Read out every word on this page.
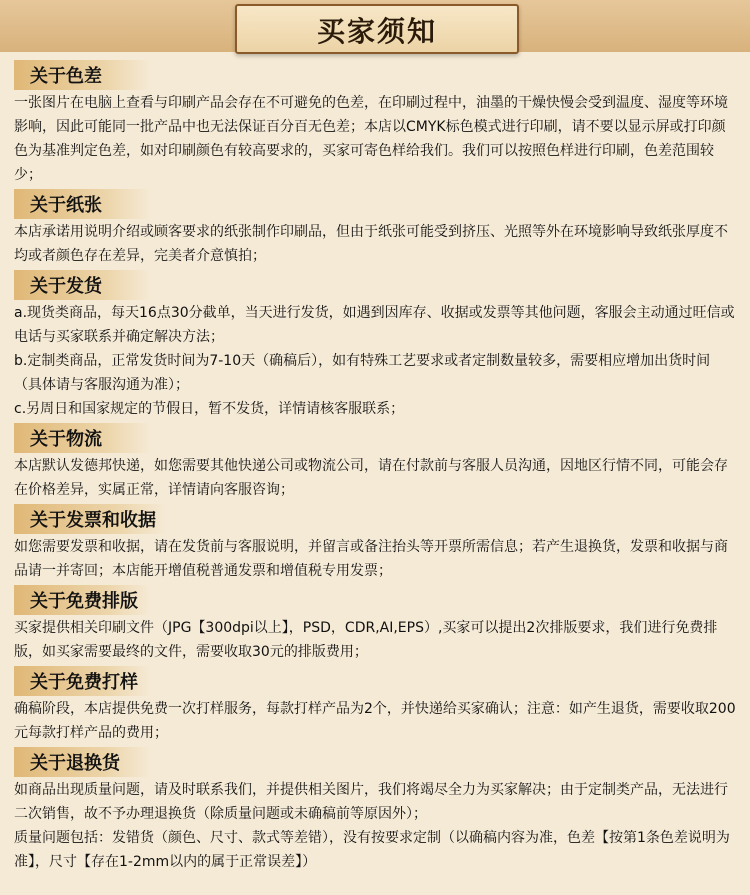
买家须知
关于色差

一张图片在电脑上查看与印刷产品会存在不可避免的色差，在印刷过程中，油墨的干燥快慢会受到温度、湿度等环境影响，因此可能同一批产品中也无法保证百分百无色差；本店以CMYK标色模式进行印刷，请不要以显示屏或打印颜色为基准判定色差，如对印刷颜色有较高要求的，买家可寄色样给我们。我们可以按照色样进行印刷，色差范围较少；

关于纸张

本店承诺用说明介绍或顾客要求的纸张制作印刷品，但由于纸张可能受到挤压、光照等外在环境影响导致纸张厚度不均或者颜色存在差异，完美者介意慎拍；

关于发货

a.现货类商品，每天16点30分截单，当天进行发货，如遇到因库存、收据或发票等其他问题，客服会主动通过旺信或电话与买家联系并确定解决方法；

b.定制类商品，正常发货时间为7-10天（确稿后），如有特殊工艺要求或者定制数量较多，需要相应增加出货时间（具体请与客服沟通为准）；

c.另周日和国家规定的节假日，暂不发货，详情请核客服联系；

关于物流

本店默认发德邦快递，如您需要其他快递公司或物流公司，请在付款前与客服人员沟通，因地区行情不同，可能会存在价格差异，实属正常，详情请向客服咨询；

关于发票和收据

如您需要发票和收据，请在发货前与客服说明，并留言或备注抬头等开票所需信息；若产生退换货，发票和收据与商品请一并寄回；本店能开增值税普通发票和增值税专用发票；

关于免费排版

买家提供相关印刷文件（JPG【300dpi以上】，PSD，CDR,AI,EPS）,买家可以提出2次排版要求，我们进行免费排版，如买家需要最终的文件，需要收取30元的排版费用；

关于免费打样

确稿阶段，本店提供免费一次打样服务，每款打样产品为2个，并快递给买家确认；注意：如产生退货，需要收取200元每款打样产品的费用；

关于退换货

如商品出现质量问题，请及时联系我们，并提供相关图片，我们将竭尽全力为买家解决；由于定制类产品，无法进行二次销售，故不予办理退换货（除质量问题或未确稿前等原因外）；

质量问题包括：发错货（颜色、尺寸、款式等差错），没有按要求定制（以确稿内容为准，色差【按第1条色差说明为准】，尺寸【存在1-2mm以内的属于正常误差】）
